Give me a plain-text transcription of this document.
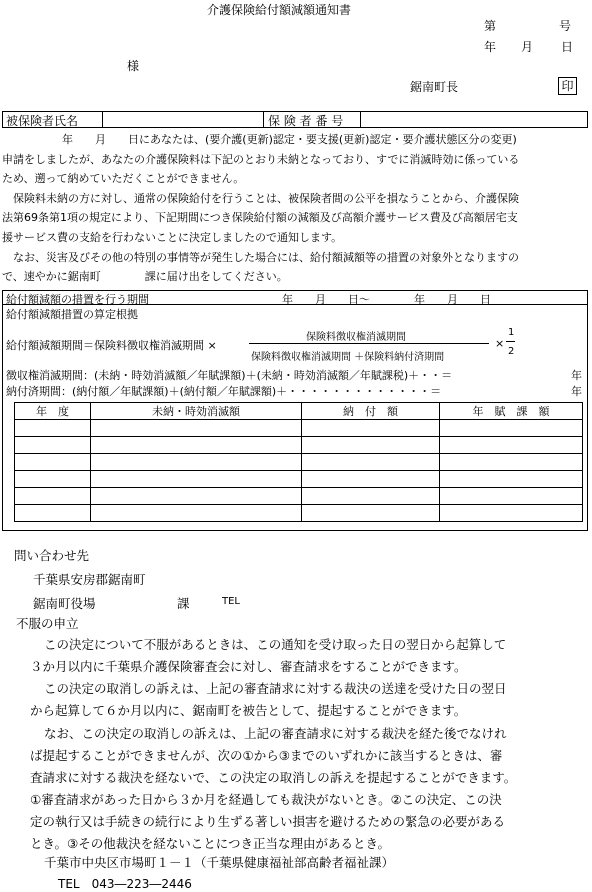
介護保険給付額減額通知書
第	号
年 月 日
様
鋸南町長	印
被保険者氏名	保 険 者 番 号
年　　月　　日にあなたは、(要介護(更新)認定・要支援(更新)認定・要介護状態区分の変更)
申請をしましたが、あなたの介護保険料は下記のとおり未納となっており、すでに消滅時効に係っている
ため、遡って納めていただくことができません。
保険料未納の方に対し、通常の保険給付を行うことは、被保険者間の公平を損なうことから、介護保険
法第69条第1項の規定により、下記期間につき保険給付額の減額及び高額介護サービス費及び高額居宅支
援サービス費の支給を行わないことに決定しましたので通知します。
なお、災害及びその他の特別の事情等が発生した場合には、給付額減額等の措置の対象外となりますの
で、速やかに鋸南町　　　　課に届け出をしてください。
給付額減額の措置を行う期間	年　　月　　日～　　　　年　　月　　日
給付額減額措置の算定根拠
給付額減額期間＝保険料徴収権消滅期間 ×
保険料徴収権消滅期間
保険料徴収権消滅期間 ＋保険料納付済期間
×
1
2
徴収権消滅期間：(未納・時効消滅額／年賦課額)＋(未納・時効消滅額／年賦課税)＋・・＝	年
納付済期間：(納付額／年賦課額)＋(納付額／年賦課額)＋・・・・・・・・・・・・・＝	年
年　度	未納・時効消滅額	納　付　額	年　賦　課　額

問い合わせ先
千葉県安房郡鋸南町
鋸南町役場	課	TEL
不服の申立
この決定について不服があるときは、この通知を受け取った日の翌日から起算して
３か月以内に千葉県介護保険審査会に対し、審査請求をすることができます。
この決定の取消しの訴えは、上記の審査請求に対する裁決の送達を受けた日の翌日
から起算して６か月以内に、鋸南町を被告として、提起することができます。
なお、この決定の取消しの訴えは、上記の審査請求に対する裁決を経た後でなけれ
ば提起することができませんが、次の①から③までのいずれかに該当するときは、審
査請求に対する裁決を経ないで、この決定の取消しの訴えを提起することができます。
①審査請求があった日から３か月を経過しても裁決がないとき。②この決定、この決
定の執行又は手続きの続行により生ずる著しい損害を避けるための緊急の必要がある
とき。③その他裁決を経ないことにつき正当な理由があるとき。
千葉市中央区市場町１－１（千葉県健康福祉部高齢者福祉課）
TEL　043―223―2446
